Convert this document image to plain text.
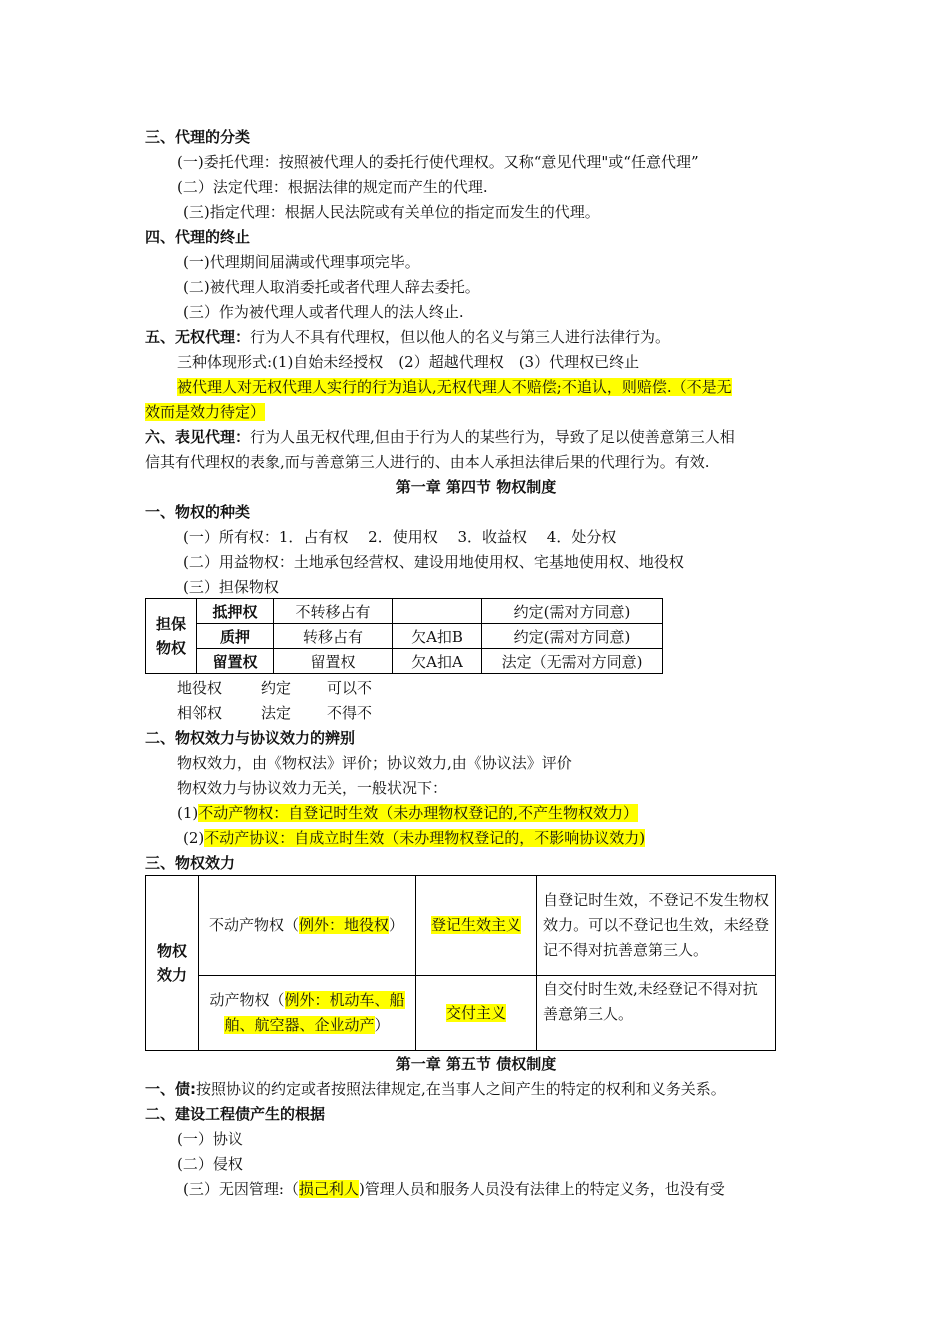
三、代理的分类
(一)委托代理：按照被代理人的委托行使代理权。又称“意见代理"或“任意代理”
(二）法定代理：根据法律的规定而产生的代理.
(三)指定代理：根据人民法院或有关单位的指定而发生的代理。
四、代理的终止
(一)代理期间届满或代理事项完毕。
(二)被代理人取消委托或者代理人辞去委托。
(三）作为被代理人或者代理人的法人终止.
五、无权代理：行为人不具有代理权，但以他人的名义与第三人进行法律行为。
三种体现形式:(1)自始未经授权　(2）超越代理权　(3）代理权已终止
被代理人对无权代理人实行的行为追认,无权代理人不赔偿;不追认，则赔偿.（不是无
效而是效力待定）
六、表见代理：行为人虽无权代理,但由于行为人的某些行为，导致了足以使善意第三人相
信其有代理权的表象,而与善意第三人进行的、由本人承担法律后果的代理行为。有效.
第一章 第四节 物权制度
一、物权的种类
(一）所有权：1．占有权　 2．使用权　 3．收益权　 4．处分权
(二）用益物权：土地承包经营权、建设用地使用权、宅基地使用权、地役权
(三）担保物权
担保物权	抵押权	不转移占有		约定(需对方同意)
	质押	转移占有	欠A扣B	约定(需对方同意)
	留置权	留置权	欠A扣A	法定（无需对方同意)
地役权	约定 可以不
相邻权	法定 不得不
二、物权效力与协议效力的辨别
物权效力，由《物权法》评价；协议效力,由《协议法》评价
物权效力与协议效力无关，一般状况下：
(1)不动产物权：自登记时生效（未办理物权登记的,不产生物权效力）
(2)不动产协议：自成立时生效（未办理物权登记的，不影响协议效力)
三、物权效力
物权效力	不动产物权（例外：地役权）	登记生效主义	自登记时生效，不登记不发生物权效力。可以不登记也生效，未经登记不得对抗善意第三人。
	动产物权（例外：机动车、船舶、航空器、企业动产）	交付主义	自交付时生效,未经登记不得对抗善意第三人。
第一章 第五节 债权制度
一、债:按照协议的约定或者按照法律规定,在当事人之间产生的特定的权利和义务关系。
二、建设工程债产生的根据
(一）协议
(二）侵权
(三）无因管理:（损己利人)管理人员和服务人员没有法律上的特定义务，也没有受
